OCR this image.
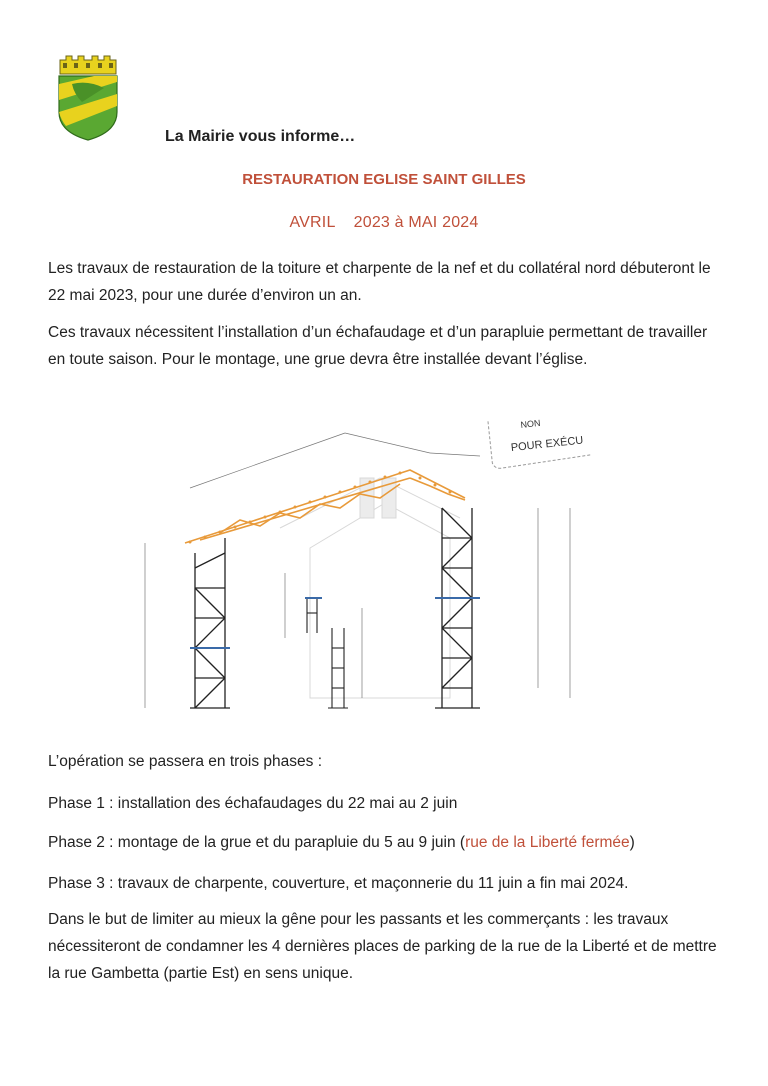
La Mairie vous informe…
RESTAURATION EGLISE SAINT GILLES
AVRIL 2023 à MAI 2024

Les travaux de restauration de la toiture et charpente de la nef et du collatéral nord débuteront le 22 mai 2023, pour une durée d’environ un an.

Ces travaux nécessitent l’installation d’un échafaudage et d’un parapluie permettant de travailler en toute saison. Pour le montage, une grue devra être installée devant l’église.

NON
POUR EXÉCU

L’opération se passera en trois phases :

Phase 1 : installation des échafaudages du 22 mai au 2 juin

Phase 2 : montage de la grue et du parapluie du 5 au 9 juin (rue de la Liberté fermée)

Phase 3 : travaux de charpente, couverture, et maçonnerie du 11 juin a fin mai 2024.

Dans le but de limiter au mieux la gêne pour les passants et les commerçants : les travaux nécessiteront de condamner les 4 dernières places de parking de la rue de la Liberté et de mettre la rue Gambetta (partie Est) en sens unique.
